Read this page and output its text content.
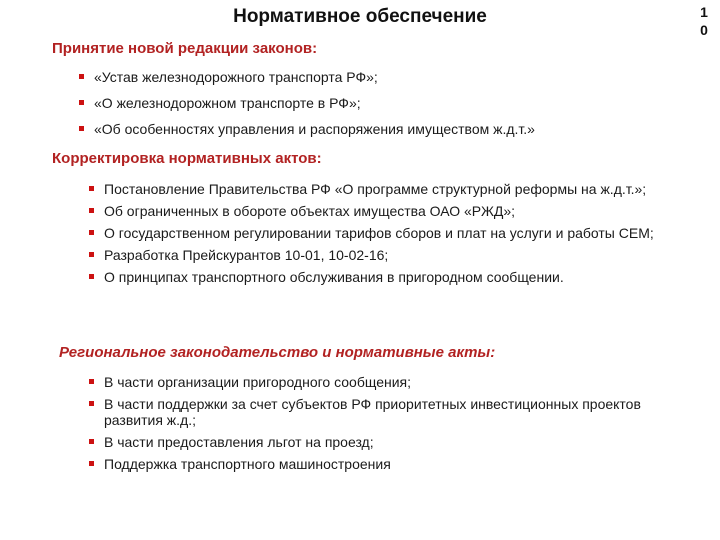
Нормативное обеспечение	1
0
Принятие новой редакции законов:
«Устав железнодорожного транспорта РФ»;
«О железнодорожном транспорте в РФ»;
«Об особенностях управления и распоряжения имуществом ж.д.т.»
Корректировка нормативных актов:
Постановление Правительства РФ «О программе структурной реформы на ж.д.т.»;
Об ограниченных в обороте объектах имущества ОАО «РЖД»;
О государственном регулировании тарифов сборов и плат на услуги и работы СЕМ;
Разработка Прейскурантов 10-01, 10-02-16;
О принципах транспортного обслуживания в пригородном сообщении.
Региональное законодательство и нормативные акты:
В части организации пригородного сообщения;
В части поддержки за счет субъектов РФ приоритетных инвестиционных проектов развития ж.д.;
В части предоставления льгот на проезд;
Поддержка транспортного машиностроения
